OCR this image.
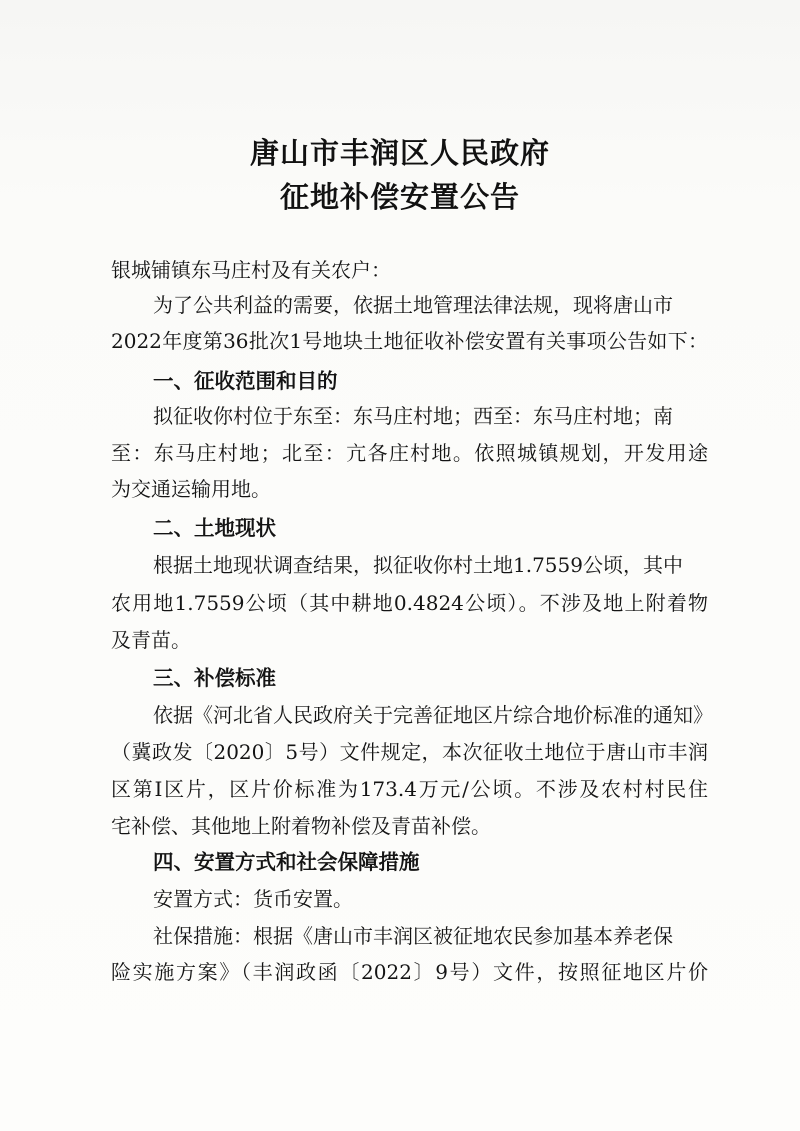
唐山市丰润区人民政府
征地补偿安置公告
银城铺镇东马庄村及有关农户：
为了公共利益的需要，依据土地管理法律法规，现将唐山市
2022年度第36批次1号地块土地征收补偿安置有关事项公告如下：
一、征收范围和目的
拟征收你村位于东至：东马庄村地；西至：东马庄村地；南
至：东马庄村地；北至：亢各庄村地。依照城镇规划，开发用途
为交通运输用地。
二、土地现状
根据土地现状调查结果，拟征收你村土地1.7559公顷，其中
农用地1.7559公顷（其中耕地0.4824公顷）。不涉及地上附着物
及青苗。
三、补偿标准
依据《河北省人民政府关于完善征地区片综合地价标准的通知》
（冀政发〔2020〕5号）文件规定，本次征收土地位于唐山市丰润
区第Ⅰ区片，区片价标准为173.4万元/公顷。不涉及农村村民住
宅补偿、其他地上附着物补偿及青苗补偿。
四、安置方式和社会保障措施
安置方式：货币安置。
社保措施：根据《唐山市丰润区被征地农民参加基本养老保
险实施方案》（丰润政函〔2022〕9号）文件，按照征地区片价
